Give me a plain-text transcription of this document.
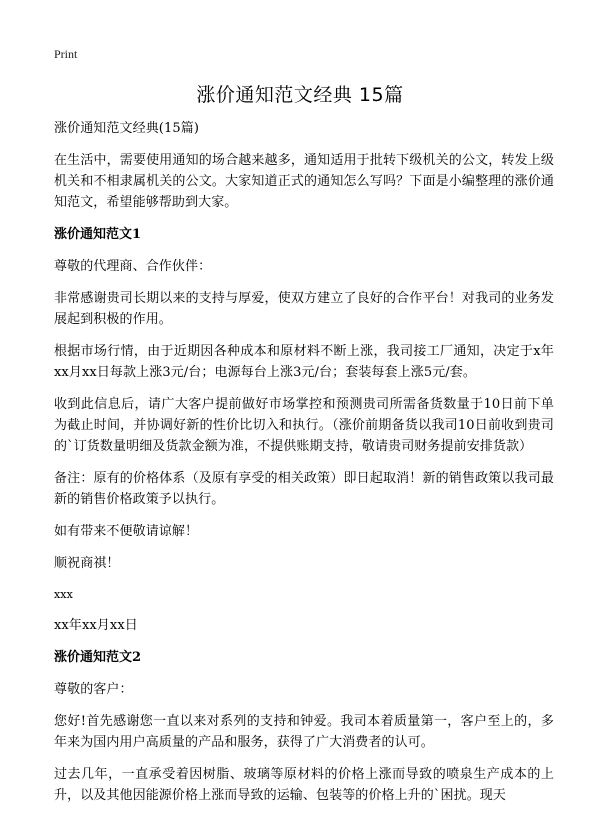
Print
涨价通知范文经典 15篇

涨价通知范文经典(15篇)

在生活中，需要使用通知的场合越来越多，通知适用于批转下级机关的公文，转发上级机关和不相隶属机关的公文。大家知道正式的通知怎么写吗？下面是小编整理的涨价通知范文，希望能够帮助到大家。

涨价通知范文1

尊敬的代理商、合作伙伴：

非常感谢贵司长期以来的支持与厚爱，使双方建立了良好的合作平台！对我司的业务发展起到积极的作用。

根据市场行情，由于近期因各种成本和原材料不断上涨，我司接工厂通知，决定于x年xx月xx日每款上涨3元/台；电源每台上涨3元/台；套装每套上涨5元/套。

收到此信息后，请广大客户提前做好市场掌控和预测贵司所需备货数量于10日前下单为截止时间，并协调好新的性价比切入和执行。（涨价前期备货以我司10日前收到贵司的`订货数量明细及货款金额为准，不提供账期支持，敬请贵司财务提前安排货款）

备注：原有的价格体系（及原有享受的相关政策）即日起取消！新的销售政策以我司最新的销售价格政策予以执行。

如有带来不便敬请谅解！

顺祝商祺！

xxx

xx年xx月xx日

涨价通知范文2

尊敬的客户：

您好!首先感谢您一直以来对系列的支持和钟爱。我司本着质量第一，客户至上的，多年来为国内用户高质量的产品和服务，获得了广大消费者的认可。

过去几年，一直承受着因树脂、玻璃等原材料的价格上涨而导致的喷泉生产成本的上升，以及其他因能源价格上涨而导致的运输、包装等的价格上升的`困扰。现天
